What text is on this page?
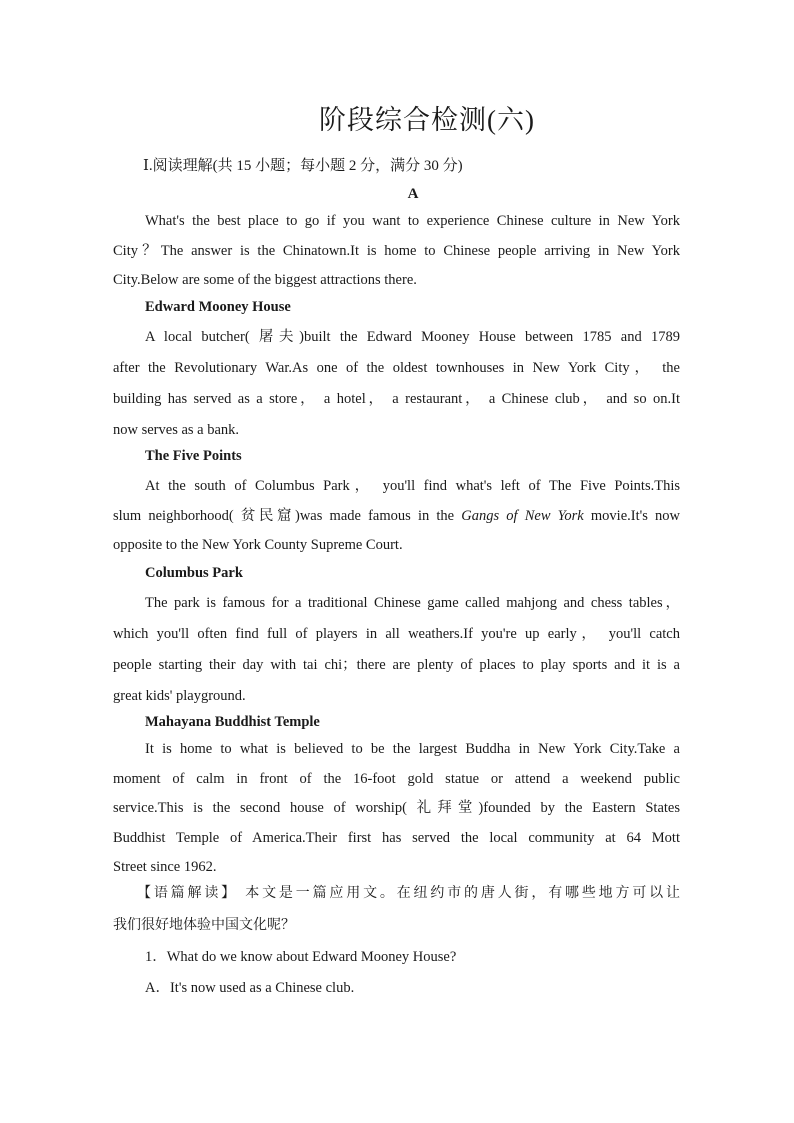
阶段综合检测(六)
Ⅰ.阅读理解(共 15 小题；每小题 2 分，满分 30 分)
A
What's the best place to go if you want to experience Chinese culture in New York
City？The answer is the Chinatown.It is home to Chinese people arriving in New York
City.Below are some of the biggest attractions there.
Edward Mooney House
A local butcher( 屠夫)built the Edward Mooney House between 1785 and 1789
after the Revolutionary War.As one of the oldest townhouses in New York City， the
building has served as a store， a hotel， a restaurant， a Chinese club， and so on.It
now serves as a bank.
The Five Points
At the south of Columbus Park， you'll find what's left of The Five Points.This
slum neighborhood( 贫民窟)was made famous in the Gangs of New York movie.It's now
opposite to the New York County Supreme Court.
Columbus Park
The park is famous for a traditional Chinese game called mahjong and chess tables，
which you'll often find full of players in all weathers.If you're up early， you'll catch
people starting their day with tai chi；there are plenty of places to play sports and it is a
great kids' playground.
Mahayana Buddhist Temple
It is home to what is believed to be the largest Buddha in New York City.Take a
moment of calm in front of the 16-foot gold statue or attend a weekend public
service.This is the second house of worship( 礼拜堂)founded by the Eastern States
Buddhist Temple of America.Their first has served the local community at 64 Mott
Street since 1962.
【语篇解读】 本文是一篇应用文。在纽约市的唐人街，有哪些地方可以让
我们很好地体验中国文化呢？
1．What do we know about Edward Mooney House?
A．It's now used as a Chinese club.
